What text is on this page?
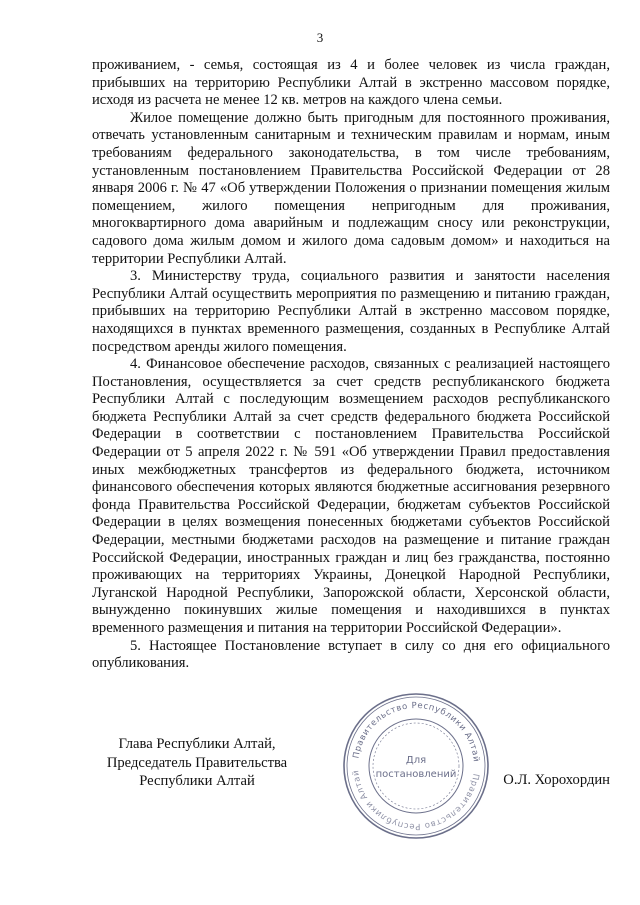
3

проживанием, - семья, состоящая из 4 и более человек из числа граждан, прибывших на территорию Республики Алтай в экстренно массовом порядке, исходя из расчета не менее 12 кв. метров на каждого члена семьи.

Жилое помещение должно быть пригодным для постоянного проживания, отвечать установленным санитарным и техническим правилам и нормам, иным требованиям федерального законодательства, в том числе требованиям, установленным постановлением Правительства Российской Федерации от 28 января 2006 г. № 47 «Об утверждении Положения о признании помещения жилым помещением, жилого помещения непригодным для проживания, многоквартирного дома аварийным и подлежащим сносу или реконструкции, садового дома жилым домом и жилого дома садовым домом» и находиться на территории Республики Алтай.

3. Министерству труда, социального развития и занятости населения Республики Алтай осуществить мероприятия по размещению и питанию граждан, прибывших на территорию Республики Алтай в экстренно массовом порядке, находящихся в пунктах временного размещения, созданных в Республике Алтай посредством аренды жилого помещения.

4. Финансовое обеспечение расходов, связанных с реализацией настоящего Постановления, осуществляется за счет средств республиканского бюджета Республики Алтай с последующим возмещением расходов республиканского бюджета Республики Алтай за счет средств федерального бюджета Российской Федерации в соответствии с постановлением Правительства Российской Федерации от 5 апреля 2022 г. № 591 «Об утверждении Правил предоставления иных межбюджетных трансфертов из федерального бюджета, источником финансового обеспечения которых являются бюджетные ассигнования резервного фонда Правительства Российской Федерации, бюджетам субъектов Российской Федерации в целях возмещения понесенных бюджетами субъектов Российской Федерации, местными бюджетами расходов на размещение и питание граждан Российской Федерации, иностранных граждан и лиц без гражданства, постоянно проживающих на территориях Украины, Донецкой Народной Республики, Луганской Народной Республики, Запорожской области, Херсонской области, вынужденно покинувших жилые помещения и находившихся в пунктах временного размещения и питания на территории Российской Федерации».

5. Настоящее Постановление вступает в силу со дня его официального опубликования.

Глава Республики Алтай,
Председатель Правительства
Республики Алтай
Правительство Республики Алтай
Правительство Республики Алтай
Для
постановлений	О.Л. Хорохордин
